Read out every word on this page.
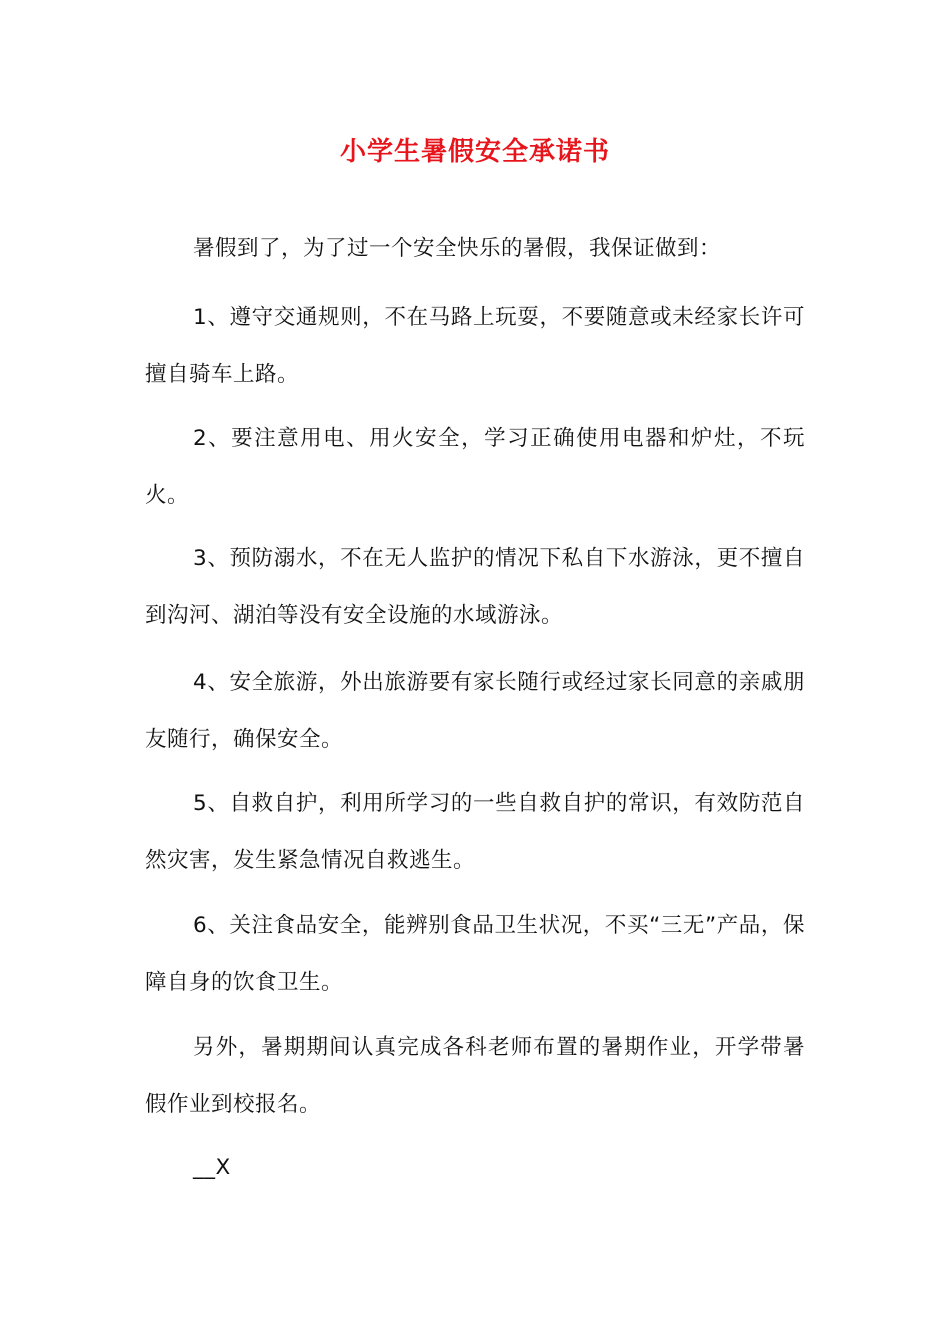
小学生暑假安全承诺书

暑假到了，为了过一个安全快乐的暑假，我保证做到：

1、遵守交通规则，不在马路上玩耍，不要随意或未经家长许可擅自骑车上路。

2、要注意用电、用火安全，学习正确使用电器和炉灶，不玩火。

3、预防溺水，不在无人监护的情况下私自下水游泳，更不擅自到沟河、湖泊等没有安全设施的水域游泳。

4、安全旅游，外出旅游要有家长随行或经过家长同意的亲戚朋友随行，确保安全。

5、自救自护，利用所学习的一些自救自护的常识，有效防范自然灾害，发生紧急情况自救逃生。

6、关注食品安全，能辨别食品卫生状况，不买“三无”产品，保障自身的饮食卫生。

另外，暑期期间认真完成各科老师布置的暑期作业，开学带暑假作业到校报名。

__X
